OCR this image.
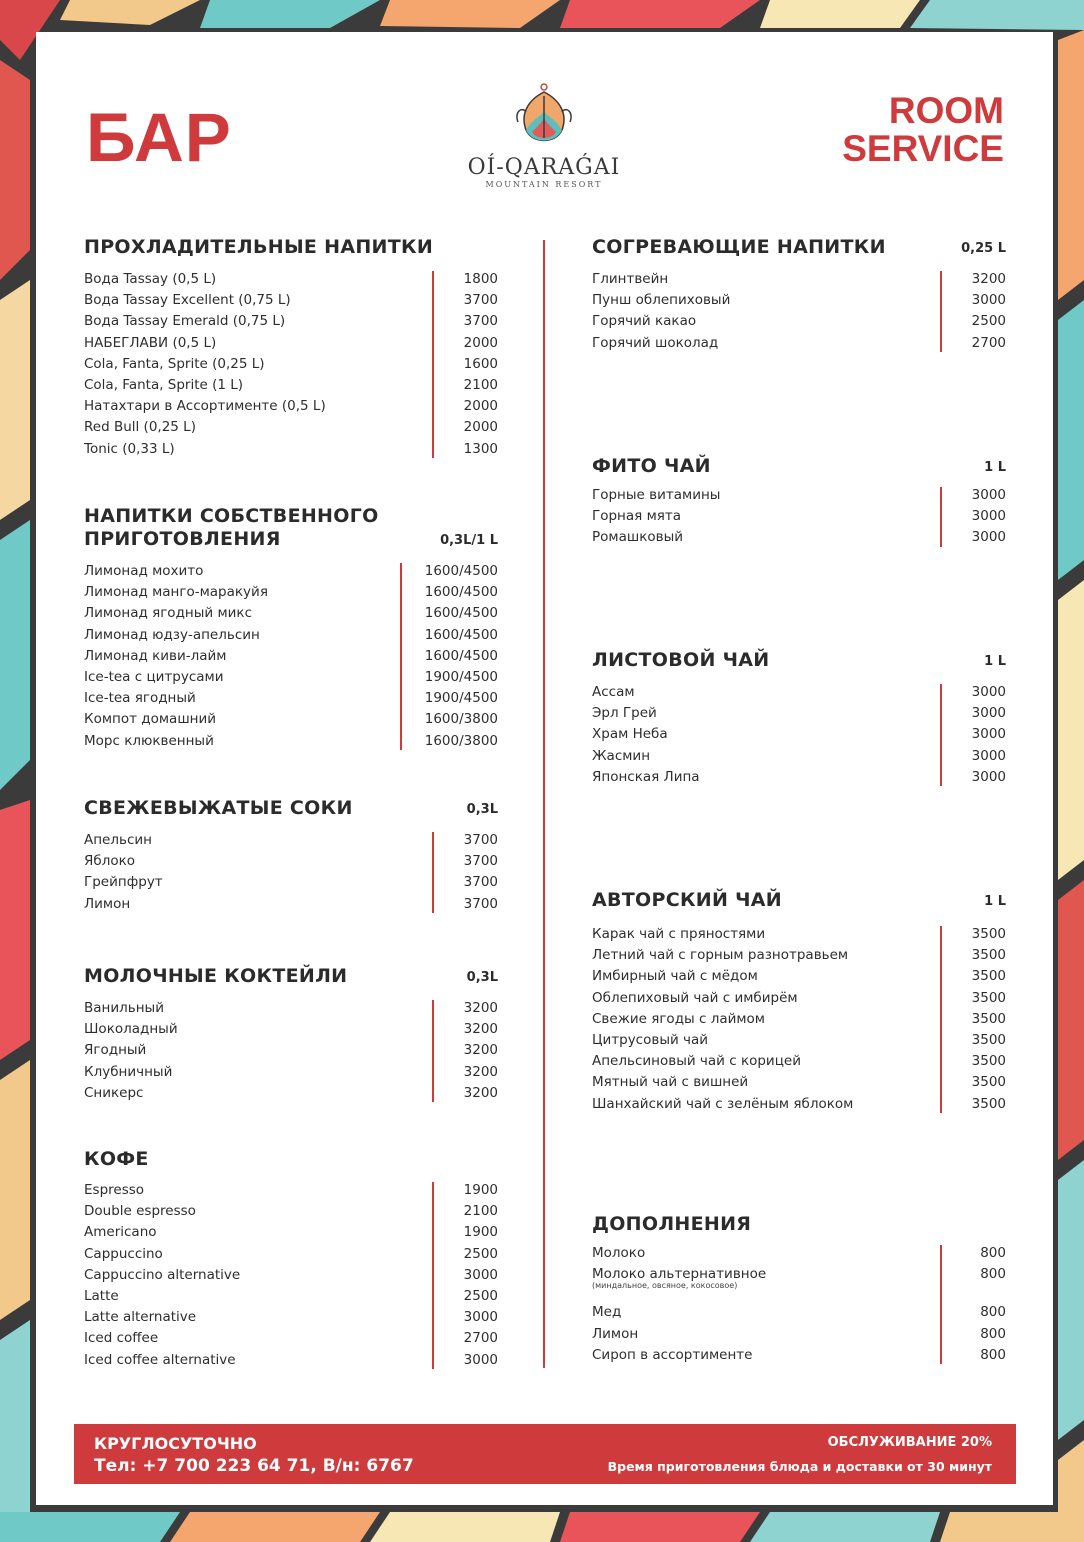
БАР	OÍ-QARAǴAI
MOUNTAIN RESORT
ROOM
SERVICE
ПРОХЛАДИТЕЛЬНЫЕ НАПИТКИ
Вода Tassay (0,5 L)	1800
Вода Tassay Excellent (0,75 L)	3700
Вода Tassay Emerald (0,75 L)	3700
НАБЕГЛАВИ (0,5 L)	2000
Cola, Fanta, Sprite (0,25 L)	1600
Cola, Fanta, Sprite (1 L)	2100
Натахтари в Ассортименте (0,5 L)	2000
Red Bull (0,25 L)	2000
Tonic (0,33 L)	1300
НАПИТКИ СОБСТВЕННОГО
ПРИГОТОВЛЕНИЯ	0,3L/1 L
Лимонад мохито	1600/4500
Лимонад манго-маракуйя	1600/4500
Лимонад ягодный микс	1600/4500
Лимонад юдзу-апельсин	1600/4500
Лимонад киви-лайм	1600/4500
Ice-tea с цитрусами	1900/4500
Ice-tea ягодный	1900/4500
Компот домашний	1600/3800
Морс клюквенный	1600/3800
СВЕЖЕВЫЖАТЫЕ СОКИ	0,3L
Апельсин	3700
Яблоко	3700
Грейпфрут	3700
Лимон	3700
МОЛОЧНЫЕ КОКТЕЙЛИ	0,3L
Ванильный	3200
Шоколадный	3200
Ягодный	3200
Клубничный	3200
Сникерс	3200
КОФЕ
Espresso	1900
Double espresso	2100
Americano	1900
Cappuccino	2500
Cappuccino alternative	3000
Latte	2500
Latte alternative	3000
Iced coffee	2700
Iced coffee alternative	3000
СОГРЕВАЮЩИЕ НАПИТКИ	0,25 L
Глинтвейн	3200
Пунш облепиховый	3000
Горячий какао	2500
Горячий шоколад	2700
ФИТО ЧАЙ	1 L
Горные витамины	3000
Горная мята	3000
Ромашковый	3000
ЛИСТОВОЙ ЧАЙ	1 L
Ассам	3000
Эрл Грей	3000
Храм Неба	3000
Жасмин	3000
Японская Липа	3000
АВТОРСКИЙ ЧАЙ	1 L
Карак чай с пряностями	3500
Летний чай с горным разнотравьем	3500
Имбирный чай с мёдом	3500
Облепиховый чай с имбирём	3500
Свежие ягоды с лаймом	3500
Цитрусовый чай	3500
Апельсиновый чай с корицей	3500
Мятный чай с вишней	3500
Шанхайский чай с зелёным яблоком	3500
ДОПОЛНЕНИЯ
Молоко	800
Молоко альтернативное	800
(миндальное, овсяное, кокосовое)
Мед	800
Лимон	800
Сироп в ассортименте	800
КРУГЛОСУТОЧНО
Тел: +7 700 223 64 71, В/н: 6767
ОБСЛУЖИВАНИЕ 20%
Время приготовления блюда и доставки от 30 минут
